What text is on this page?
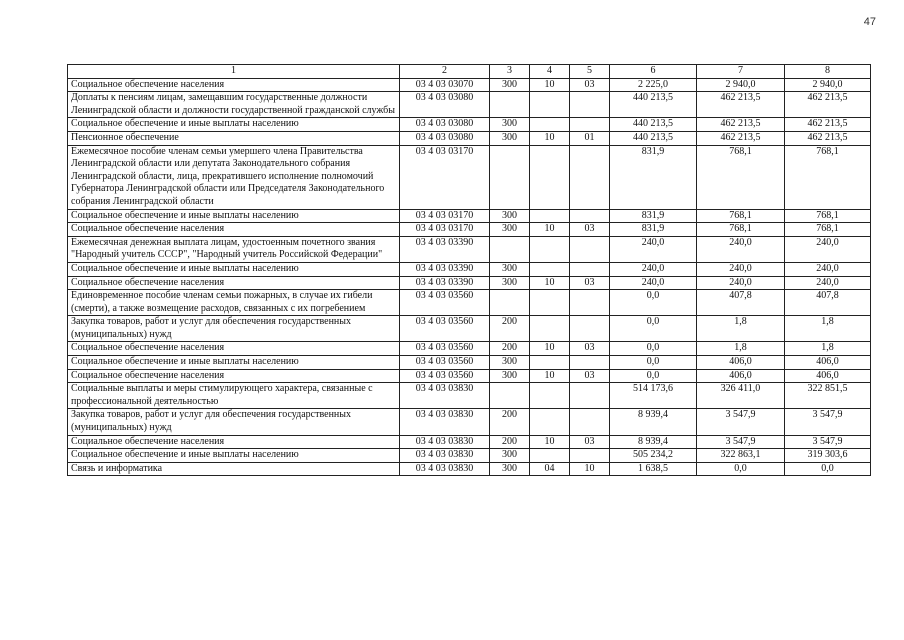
47
1	2	3	4	5	6	7	8
Социальное обеспечение населения	03 4 03 03070	300	10	03	2 225,0	2 940,0	2 940,0
Доплаты к пенсиям лицам, замещавшим государственные должности Ленинградской области и должности государственной гражданской службы	03 4 03 03080				440 213,5	462 213,5	462 213,5
Социальное обеспечение и иные выплаты населению	03 4 03 03080	300			440 213,5	462 213,5	462 213,5
Пенсионное обеспечение	03 4 03 03080	300	10	01	440 213,5	462 213,5	462 213,5
Ежемесячное пособие членам семьи умершего члена Правительства Ленинградской области или депутата Законодательного собрания Ленинградской области, лица, прекратившего исполнение полномочий Губернатора Ленинградской области или Председателя Законодательного собрания Ленинградской области	03 4 03 03170				831,9	768,1	768,1
Социальное обеспечение и иные выплаты населению	03 4 03 03170	300			831,9	768,1	768,1
Социальное обеспечение населения	03 4 03 03170	300	10	03	831,9	768,1	768,1
Ежемесячная денежная выплата лицам, удостоенным почетного звания "Народный учитель СССР", "Народный учитель Российской Федерации"	03 4 03 03390				240,0	240,0	240,0
Социальное обеспечение и иные выплаты населению	03 4 03 03390	300			240,0	240,0	240,0
Социальное обеспечение населения	03 4 03 03390	300	10	03	240,0	240,0	240,0
Единовременное пособие членам семьи пожарных, в случае их гибели (смерти), а также возмещение расходов, связанных с их погребением	03 4 03 03560				0,0	407,8	407,8
Закупка товаров, работ и услуг для обеспечения государственных (муниципальных) нужд	03 4 03 03560	200			0,0	1,8	1,8
Социальное обеспечение населения	03 4 03 03560	200	10	03	0,0	1,8	1,8
Социальное обеспечение и иные выплаты населению	03 4 03 03560	300			0,0	406,0	406,0
Социальное обеспечение населения	03 4 03 03560	300	10	03	0,0	406,0	406,0
Социальные выплаты и меры стимулирующего характера, связанные с профессиональной деятельностью	03 4 03 03830				514 173,6	326 411,0	322 851,5
Закупка товаров, работ и услуг для обеспечения государственных (муниципальных) нужд	03 4 03 03830	200			8 939,4	3 547,9	3 547,9
Социальное обеспечение населения	03 4 03 03830	200	10	03	8 939,4	3 547,9	3 547,9
Социальное обеспечение и иные выплаты населению	03 4 03 03830	300			505 234,2	322 863,1	319 303,6
Связь и информатика	03 4 03 03830	300	04	10	1 638,5	0,0	0,0
